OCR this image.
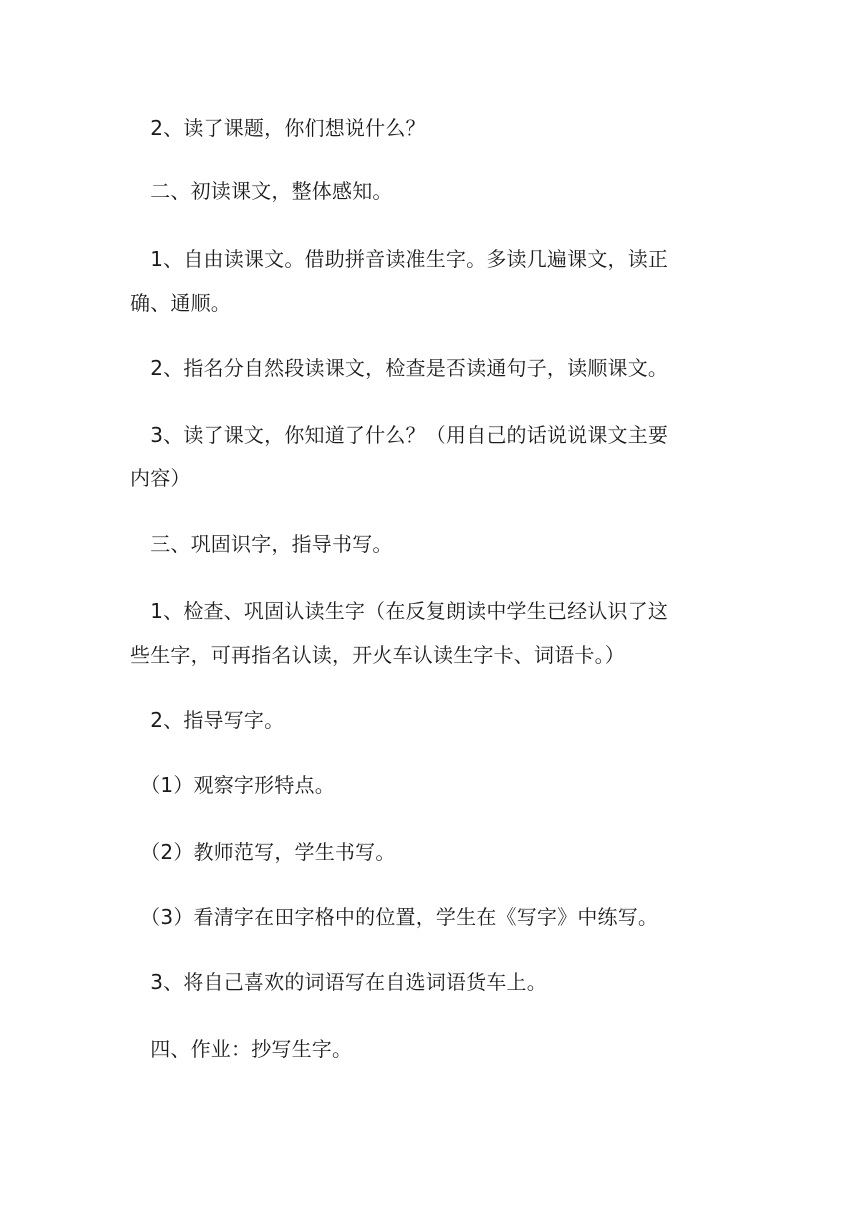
　2、读了课题，你们想说什么？
　二、初读课文，整体感知。
　1、自由读课文。借助拼音读准生字。多读几遍课文，读正
确、通顺。
　2、指名分自然段读课文，检查是否读通句子，读顺课文。
　3、读了课文，你知道了什么？（用自己的话说说课文主要
内容）
　三、巩固识字，指导书写。
　1、检查、巩固认读生字（在反复朗读中学生已经认识了这
些生字，可再指名认读，开火车认读生字卡、词语卡。）
　2、指导写字。
　（1）观察字形特点。
　（2）教师范写，学生书写。
　（3）看清字在田字格中的位置，学生在《写字》中练写。
　3、将自己喜欢的词语写在自选词语货车上。
　四、作业：抄写生字。
